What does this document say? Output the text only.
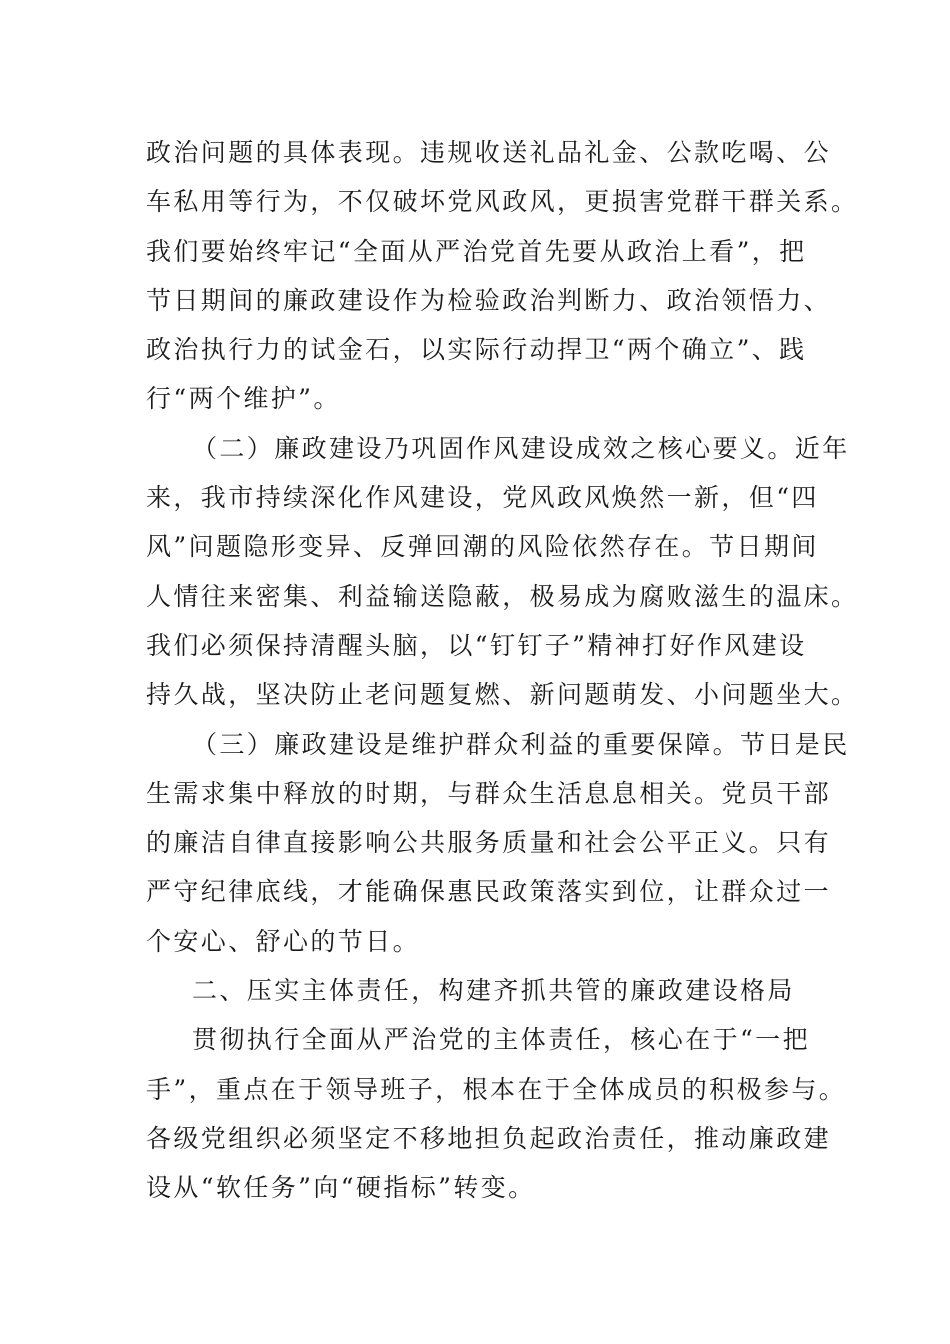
政治问题的具体表现。违规收送礼品礼金、公款吃喝、公
车私用等行为，不仅破坏党风政风，更损害党群干群关系。
我们要始终牢记“全面从严治党首先要从政治上看”，把
节日期间的廉政建设作为检验政治判断力、政治领悟力、
政治执行力的试金石，以实际行动捍卫“两个确立”、践
行“两个维护”。
（二）廉政建设乃巩固作风建设成效之核心要义。近年
来，我市持续深化作风建设，党风政风焕然一新，但“四
风”问题隐形变异、反弹回潮的风险依然存在。节日期间
人情往来密集、利益输送隐蔽，极易成为腐败滋生的温床。
我们必须保持清醒头脑，以“钉钉子”精神打好作风建设
持久战，坚决防止老问题复燃、新问题萌发、小问题坐大。
（三）廉政建设是维护群众利益的重要保障。节日是民
生需求集中释放的时期，与群众生活息息相关。党员干部
的廉洁自律直接影响公共服务质量和社会公平正义。只有
严守纪律底线，才能确保惠民政策落实到位，让群众过一
个安心、舒心的节日。
二、压实主体责任，构建齐抓共管的廉政建设格局
贯彻执行全面从严治党的主体责任，核心在于“一把
手”，重点在于领导班子，根本在于全体成员的积极参与。
各级党组织必须坚定不移地担负起政治责任，推动廉政建
设从“软任务”向“硬指标”转变。
